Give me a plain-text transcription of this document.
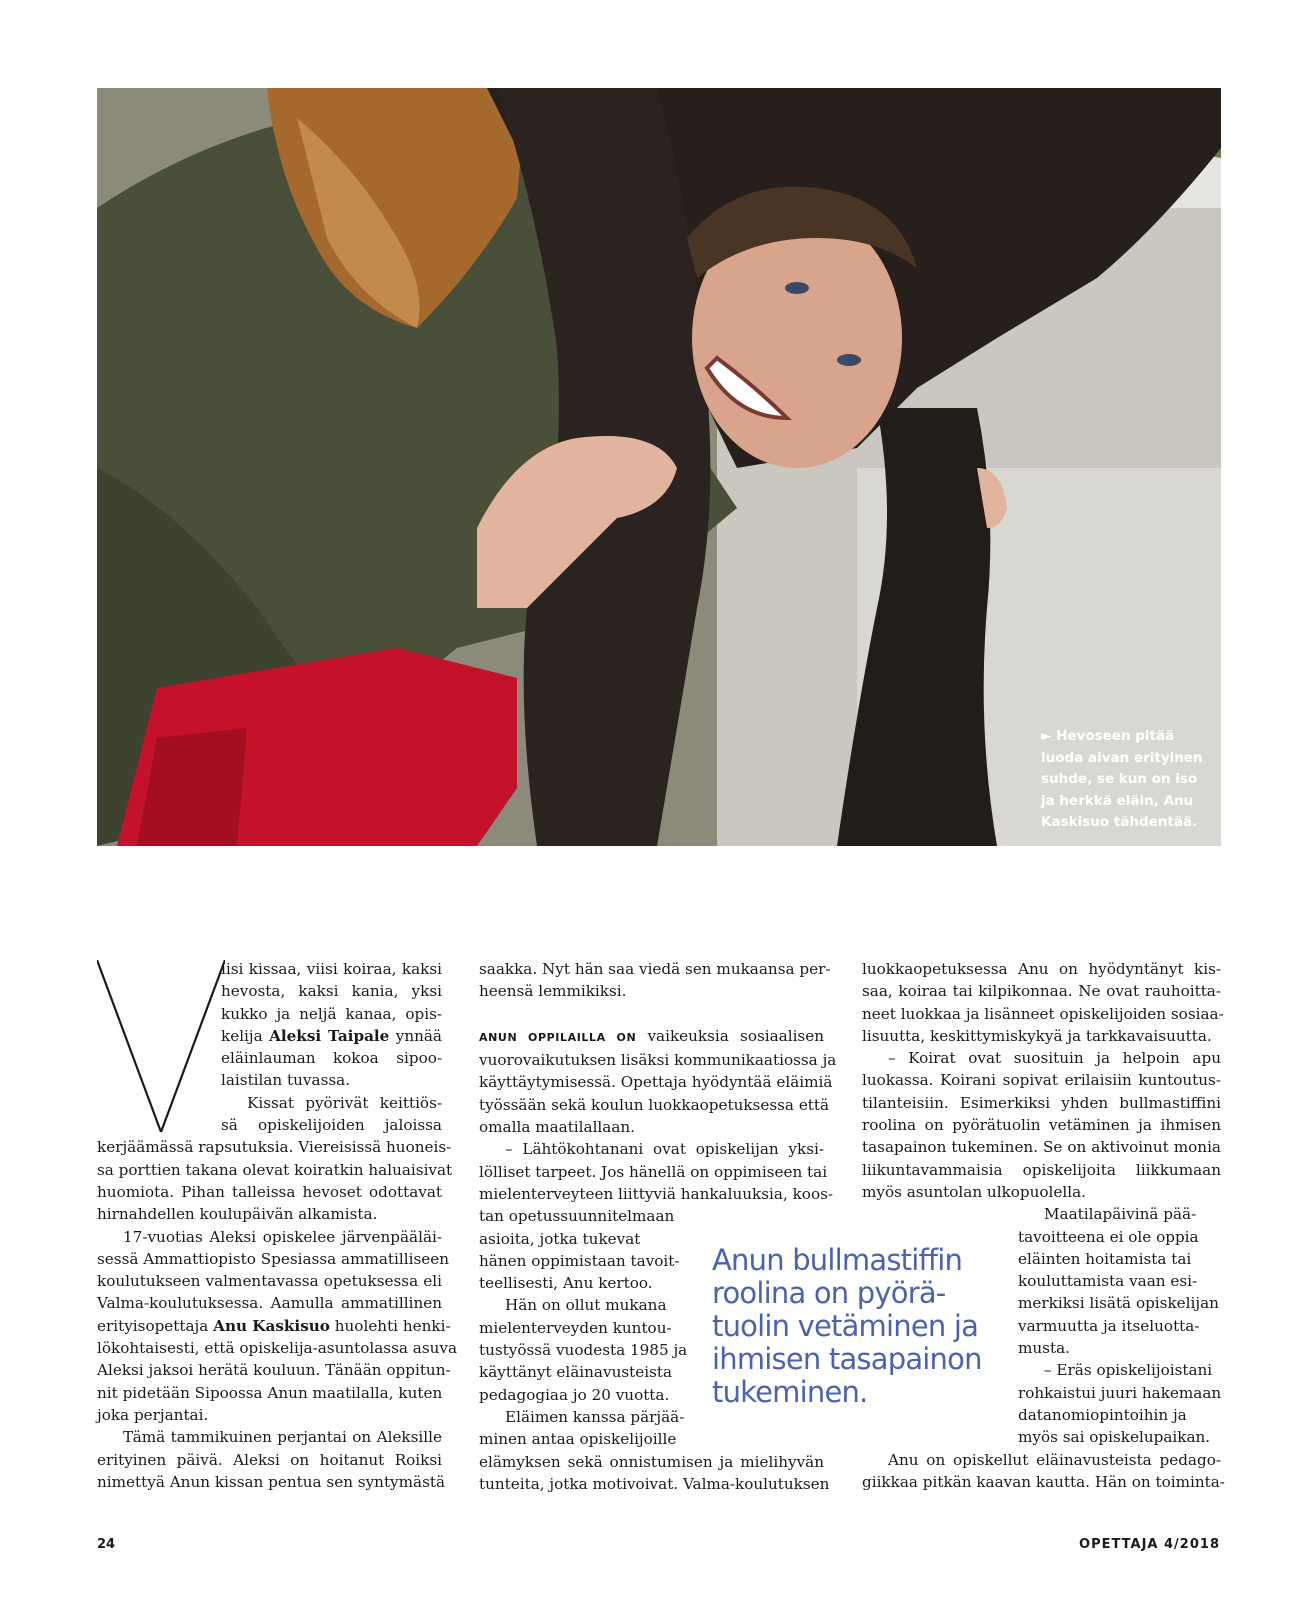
► Hevoseen pitää
luoda aivan erityinen
suhde, se kun on iso
ja herkkä eläin, Anu
Kaskisuo tähdentää.
V	iisi kissaa, viisi koiraa, kaksi
hevosta, kaksi kania, yksi
kukko ja neljä kanaa, opis-
kelija Aleksi Taipale ynnää
eläinlauman kokoa sipoo-
laistilan tuvassa.
Kissat pyörivät keittiös-
sä opiskelijoiden jaloissa
kerjäämässä rapsutuksia. Viereisissä huoneis-
sa porttien takana olevat koiratkin haluaisivat
huomiota. Pihan talleissa hevoset odottavat
hirnahdellen koulupäivän alkamista.
17-vuotias Aleksi opiskelee järvenpääläi-
sessä Ammattiopisto Spesiassa ammatilliseen
koulutukseen valmentavassa opetuksessa eli
Valma-koulutuksessa. Aamulla ammatillinen
erityisopettaja Anu Kaskisuo huolehti henki-
lökohtaisesti, että opiskelija-asuntolassa asuva
Aleksi jaksoi herätä kouluun. Tänään oppitun-
nit pidetään Sipoossa Anun maatilalla, kuten
joka perjantai.
Tämä tammikuinen perjantai on Aleksille
erityinen päivä. Aleksi on hoitanut Roiksi
nimettyä Anun kissan pentua sen syntymästä
saakka. Nyt hän saa viedä sen mukaansa per-
heensä lemmikiksi.
ANUN OPPILAILLA ON vaikeuksia sosiaalisen
vuorovaikutuksen lisäksi kommunikaatiossa ja
käyttäytymisessä. Opettaja hyödyntää eläimiä
työssään sekä koulun luokkaopetuksessa että
omalla maatilallaan.
– Lähtökohtanani ovat opiskelijan yksi-
lölliset tarpeet. Jos hänellä on oppimiseen tai
mielenterveyteen liittyviä hankaluuksia, koos-
tan opetussuunnitelmaan
asioita, jotka tukevat
hänen oppimistaan tavoit-
teellisesti, Anu kertoo.
Hän on ollut mukana
mielenterveyden kuntou-
tustyössä vuodesta 1985 ja
käyttänyt eläinavusteista
pedagogiaa jo 20 vuotta.
Eläimen kanssa pärjää-
minen antaa opiskelijoille
elämyksen sekä onnistumisen ja mielihyvän
tunteita, jotka motivoivat. Valma-koulutuksen
Anun bullmastiffin
roolina on pyörä-
tuolin vetäminen ja
ihmisen tasapainon
tukeminen.
luokkaopetuksessa Anu on hyödyntänyt kis-
saa, koiraa tai kilpikonnaa. Ne ovat rauhoitta-
neet luokkaa ja lisänneet opiskelijoiden sosiaa-
lisuutta, keskittymiskykyä ja tarkkavaisuutta.
– Koirat ovat suosituin ja helpoin apu
luokassa. Koirani sopivat erilaisiin kuntoutus-
tilanteisiin. Esimerkiksi yhden bullmastiffini
roolina on pyörätuolin vetäminen ja ihmisen
tasapainon tukeminen. Se on aktivoinut monia
liikuntavammaisia opiskelijoita liikkumaan
myös asuntolan ulkopuolella.
Maatilapäivinä pää-
tavoitteena ei ole oppia
eläinten hoitamista tai
kouluttamista vaan esi-
merkiksi lisätä opiskelijan
varmuutta ja itseluotta-
musta.
– Eräs opiskelijoistani
rohkaistui juuri hakemaan
datanomiopintoihin ja
myös sai opiskelupaikan.
Anu on opiskellut eläinavusteista pedago-
giikkaa pitkän kaavan kautta. Hän on toiminta-
24	OPETTAJA 4/2018
